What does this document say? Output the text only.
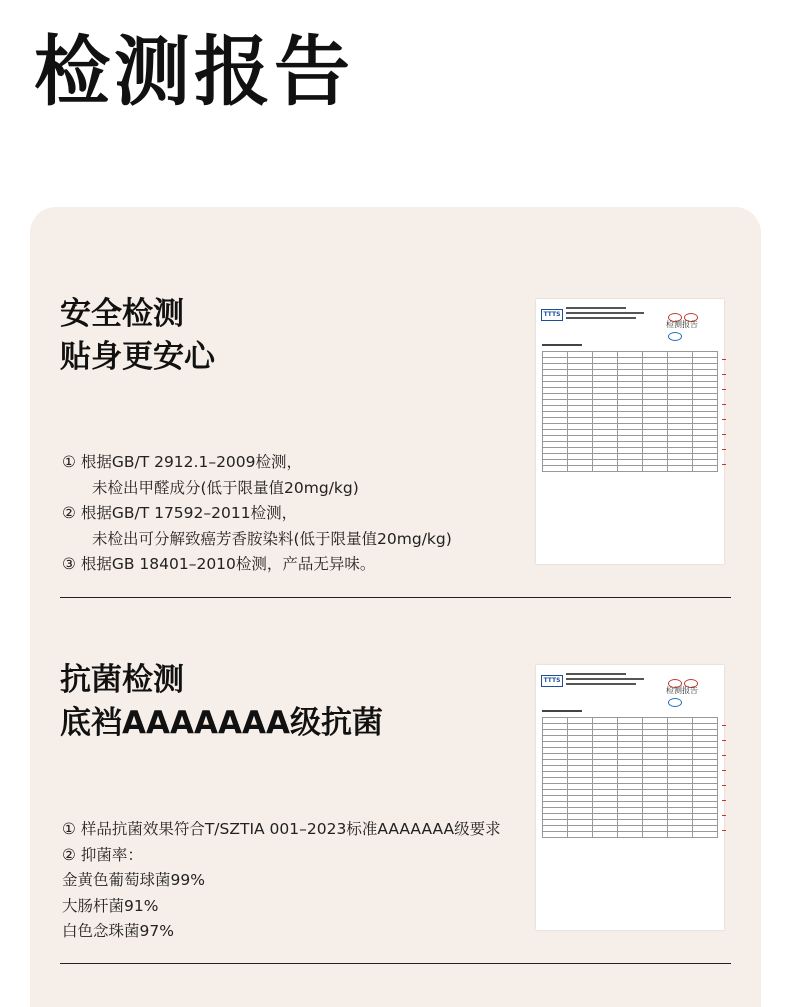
检测报告
安全检测
贴身更安心
① 根据GB/T 2912.1–2009检测，
未检出甲醛成分(低于限量值20mg/kg)
② 根据GB/T 17592–2011检测，
未检出可分解致癌芳香胺染料(低于限量值20mg/kg)
③ 根据GB 18401–2010检测，产品无异味。
TTTS
检测报告

抗菌检测
底裆AAAAAAA级抗菌
① 样品抗菌效果符合T/SZTIA 001–2023标准AAAAAAA级要求
② 抑菌率：
金黄色葡萄球菌99%
大肠杆菌91%
白色念珠菌97%
TTTS
检测报告
